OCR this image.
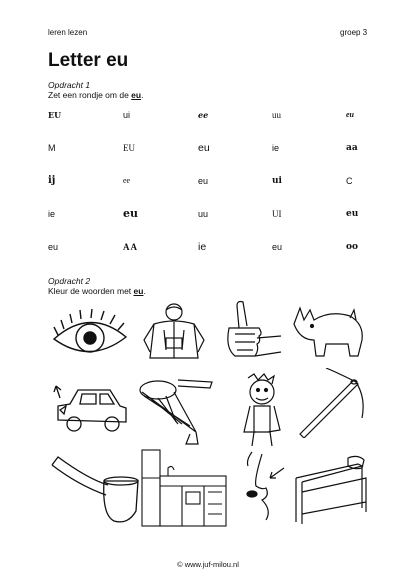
leren lezen	groep 3
Letter eu
Opdracht 1
Zet een rondje om de eu.
EU	ui	ee	uu	eu
M	EU	eu	ie	aa
ij	ee	eu	ui	C
ie	eu	uu	UI	eu
eu	AA	ie	eu	oo
Opdracht 2
Kleur de woorden met eu.
© www.juf-milou.nl
